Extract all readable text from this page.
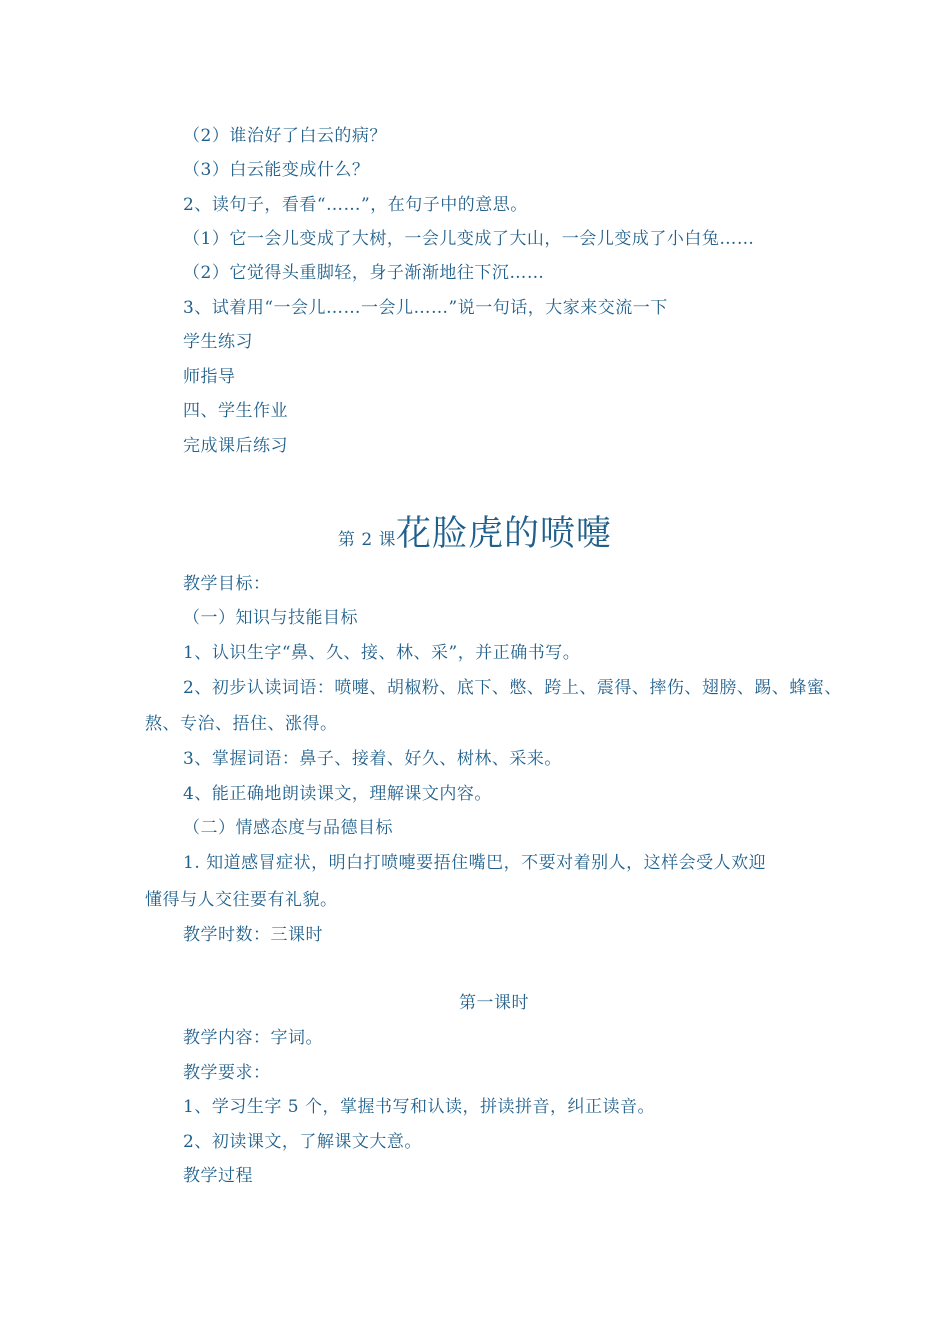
（2）谁治好了白云的病？
（3）白云能变成什么？
2、读句子，看看“……”，在句子中的意思。
（1）它一会儿变成了大树，一会儿变成了大山，一会儿变成了小白兔……
（2）它觉得头重脚轻，身子渐渐地往下沉……
3、试着用“一会儿……一会儿……”说一句话，大家来交流一下
学生练习
师指导
四、学生作业
完成课后练习
第 2 课花脸虎的喷嚏
教学目标：
（一）知识与技能目标
1、认识生字“鼻、久、接、林、采”，并正确书写。
2、初步认读词语：喷嚏、胡椒粉、底下、憋、跨上、震得、摔伤、翅膀、踢、蜂蜜、
熬、专治、捂住、涨得。
3、掌握词语：鼻子、接着、好久、树林、采来。
4、能正确地朗读课文，理解课文内容。
（二）情感态度与品德目标
1. 知道感冒症状，明白打喷嚏要捂住嘴巴，不要对着别人，这样会受人欢迎
懂得与人交往要有礼貌。
教学时数：三课时
第一课时
教学内容：字词。
教学要求：
1、学习生字 5 个，掌握书写和认读，拼读拼音，纠正读音。
2、初读课文，了解课文大意。
教学过程
